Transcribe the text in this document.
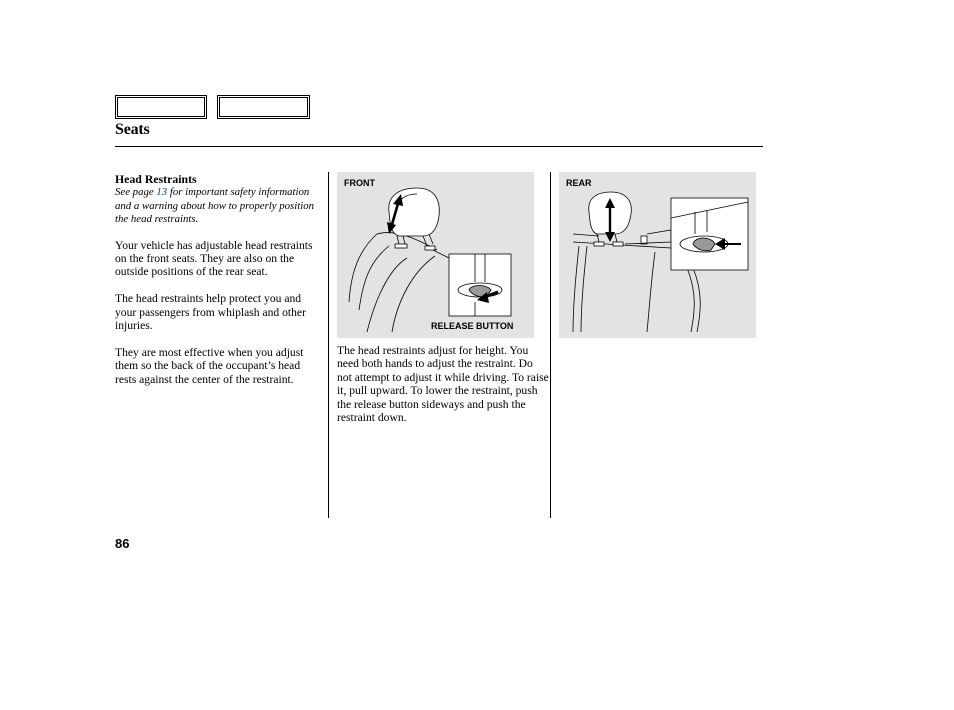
Seats
Head Restraints
See page 13 for important safety information and a warning about how to properly position the head restraints.

Your vehicle has adjustable head restraints on the front seats. They are also on the outside positions of the rear seat.

The head restraints help protect you and your passengers from whiplash and other injuries.

They are most effective when you adjust them so the back of the occupant’s head rests against the center of the restraint.

FRONT
RELEASE BUTTON
REAR

The head restraints adjust for height. You need both hands to adjust the restraint. Do not attempt to adjust it while driving. To raise it, pull upward. To lower the restraint, push the release button sideways and push the restraint down.

86
